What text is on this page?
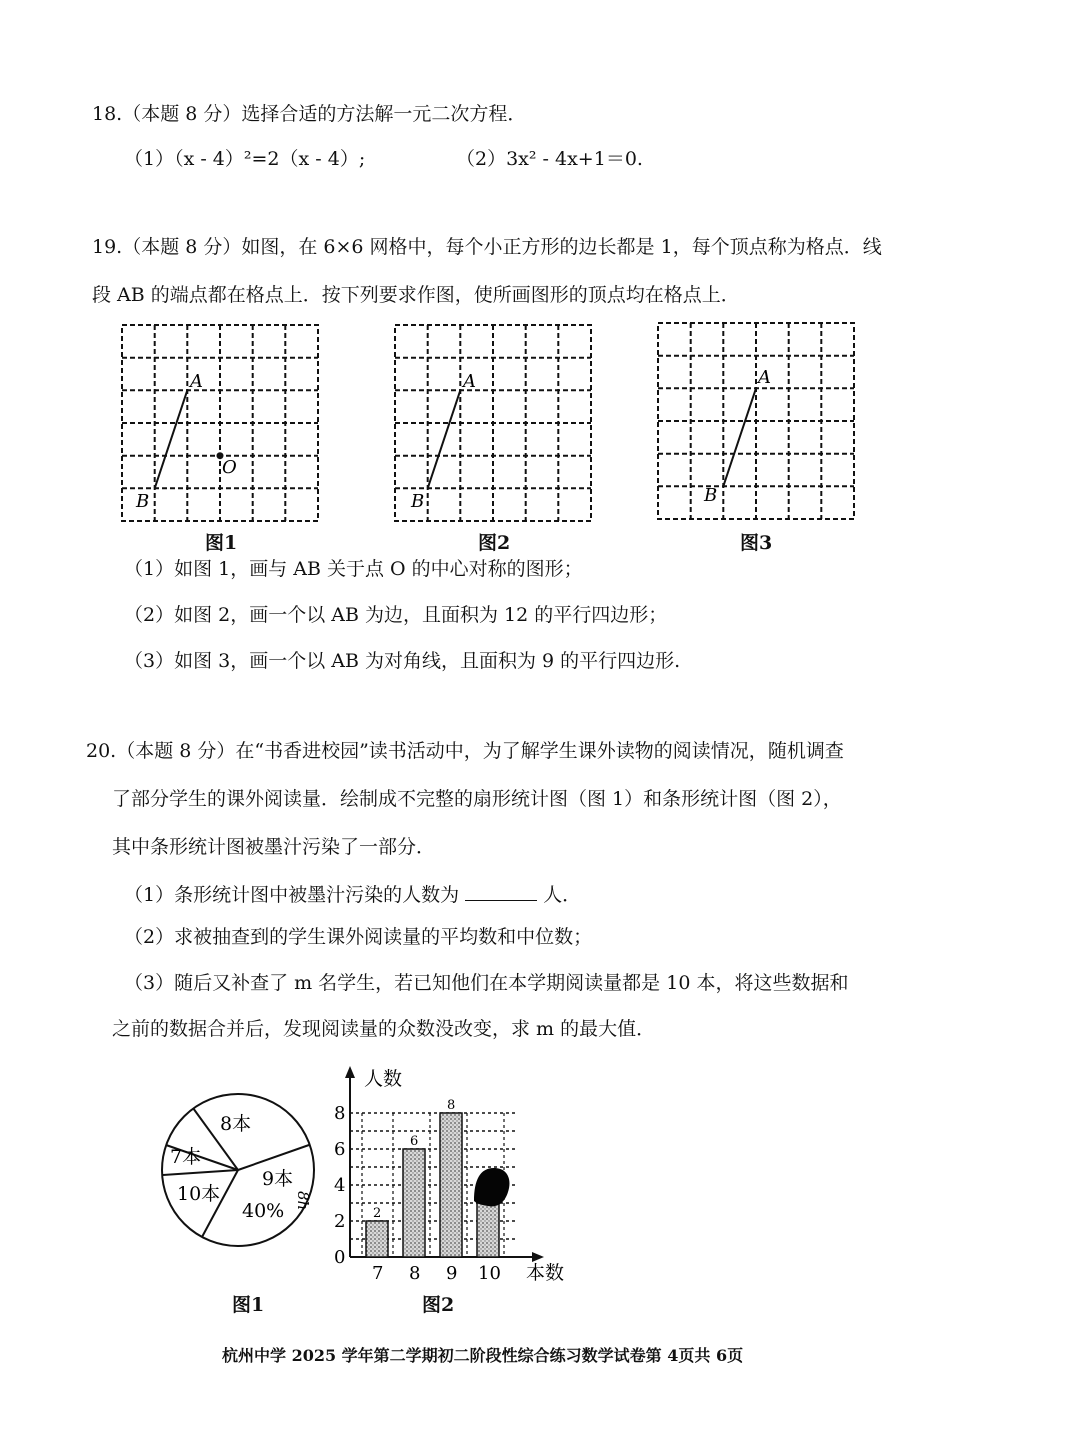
18.（本题 8 分）选择合适的方法解一元二次方程．
（1）（x - 4）²=2（x - 4）;	（2）3x² - 4x+1＝0.
19.（本题 8 分）如图，在 6×6 网格中，每个小正方形的边长都是 1，每个顶点称为格点．线
段 AB 的端点都在格点上．按下列要求作图，使所画图形的顶点均在格点上．
A
B
O
图1
A
B
图2
A
B
图3
（1）如图 1，画与 AB 关于点 O 的中心对称的图形；
（2）如图 2，画一个以 AB 为边，且面积为 12 的平行四边形；
（3）如图 3，画一个以 AB 为对角线，且面积为 9 的平行四边形.
20.（本题 8 分）在“书香进校园”读书活动中，为了解学生课外读物的阅读情况，随机调查
了部分学生的课外阅读量．绘制成不完整的扇形统计图（图 1）和条形统计图（图 2），
其中条形统计图被墨汁污染了一部分．
（1）条形统计图中被墨汁污染的人数为	人．
（2）求被抽查到的学生课外阅读量的平均数和中位数；
（3）随后又补查了 m 名学生，若已知他们在本学期阅读量都是 10 本，将这些数据和
之前的数据合并后，发现阅读量的众数没改变，求 m 的最大值．
8本
7本
10本
9本
40% 8h
图1
人数
本数
0
2
4
6
8
2
7
6
8
8
9 10
图2
杭州中学 2025 学年第二学期初二阶段性综合练习数学试卷第 4页共 6页
